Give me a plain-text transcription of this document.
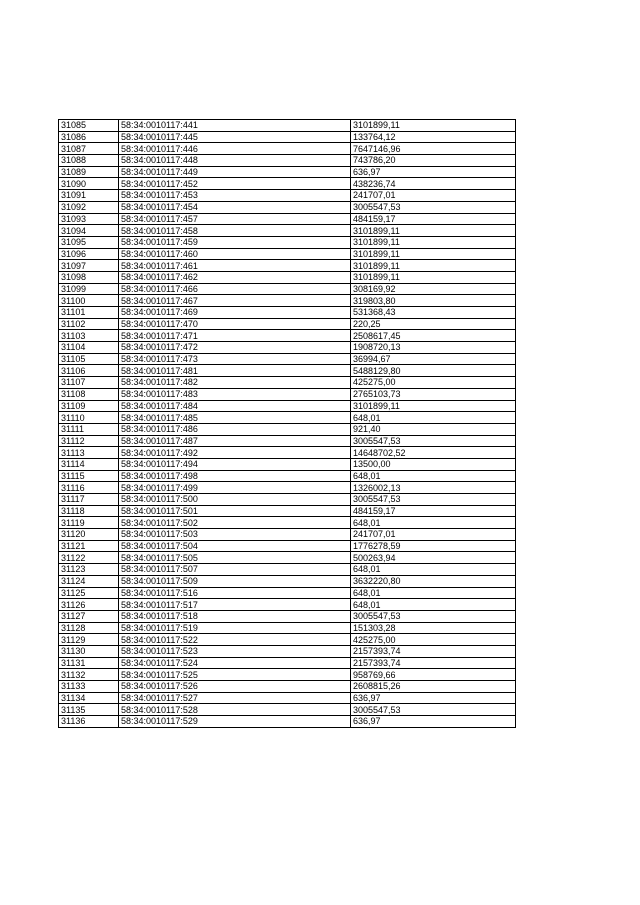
31085	58:34:0010117:441	3101899,11
31086	58:34:0010117:445	133764,12
31087	58:34:0010117:446	7647146,96
31088	58:34:0010117:448	743786,20
31089	58:34:0010117:449	636,97
31090	58:34:0010117:452	438236,74
31091	58:34:0010117:453	241707,01
31092	58:34:0010117:454	3005547,53
31093	58:34:0010117:457	484159,17
31094	58:34:0010117:458	3101899,11
31095	58:34:0010117:459	3101899,11
31096	58:34:0010117:460	3101899,11
31097	58:34:0010117:461	3101899,11
31098	58:34:0010117:462	3101899,11
31099	58:34:0010117:466	308169,92
31100	58:34:0010117:467	319803,80
31101	58:34:0010117:469	531368,43
31102	58:34:0010117:470	220,25
31103	58:34:0010117:471	2508617,45
31104	58:34:0010117:472	1908720,13
31105	58:34:0010117:473	36994,67
31106	58:34:0010117:481	5488129,80
31107	58:34:0010117:482	425275,00
31108	58:34:0010117:483	2765103,73
31109	58:34:0010117:484	3101899,11
31110	58:34:0010117:485	648,01
31111	58:34:0010117:486	921,40
31112	58:34:0010117:487	3005547,53
31113	58:34:0010117:492	14648702,52
31114	58:34:0010117:494	13500,00
31115	58:34:0010117:498	648,01
31116	58:34:0010117:499	1326002,13
31117	58:34:0010117:500	3005547,53
31118	58:34:0010117:501	484159,17
31119	58:34:0010117:502	648,01
31120	58:34:0010117:503	241707,01
31121	58:34:0010117:504	1776278,59
31122	58:34:0010117:505	500263,94
31123	58:34:0010117:507	648,01
31124	58:34:0010117:509	3632220,80
31125	58:34:0010117:516	648,01
31126	58:34:0010117:517	648,01
31127	58:34:0010117:518	3005547,53
31128	58:34:0010117:519	151303,28
31129	58:34:0010117:522	425275,00
31130	58:34:0010117:523	2157393,74
31131	58:34:0010117:524	2157393,74
31132	58:34:0010117:525	958769,66
31133	58:34:0010117:526	2608815,26
31134	58:34:0010117:527	636,97
31135	58:34:0010117:528	3005547,53
31136	58:34:0010117:529	636,97
